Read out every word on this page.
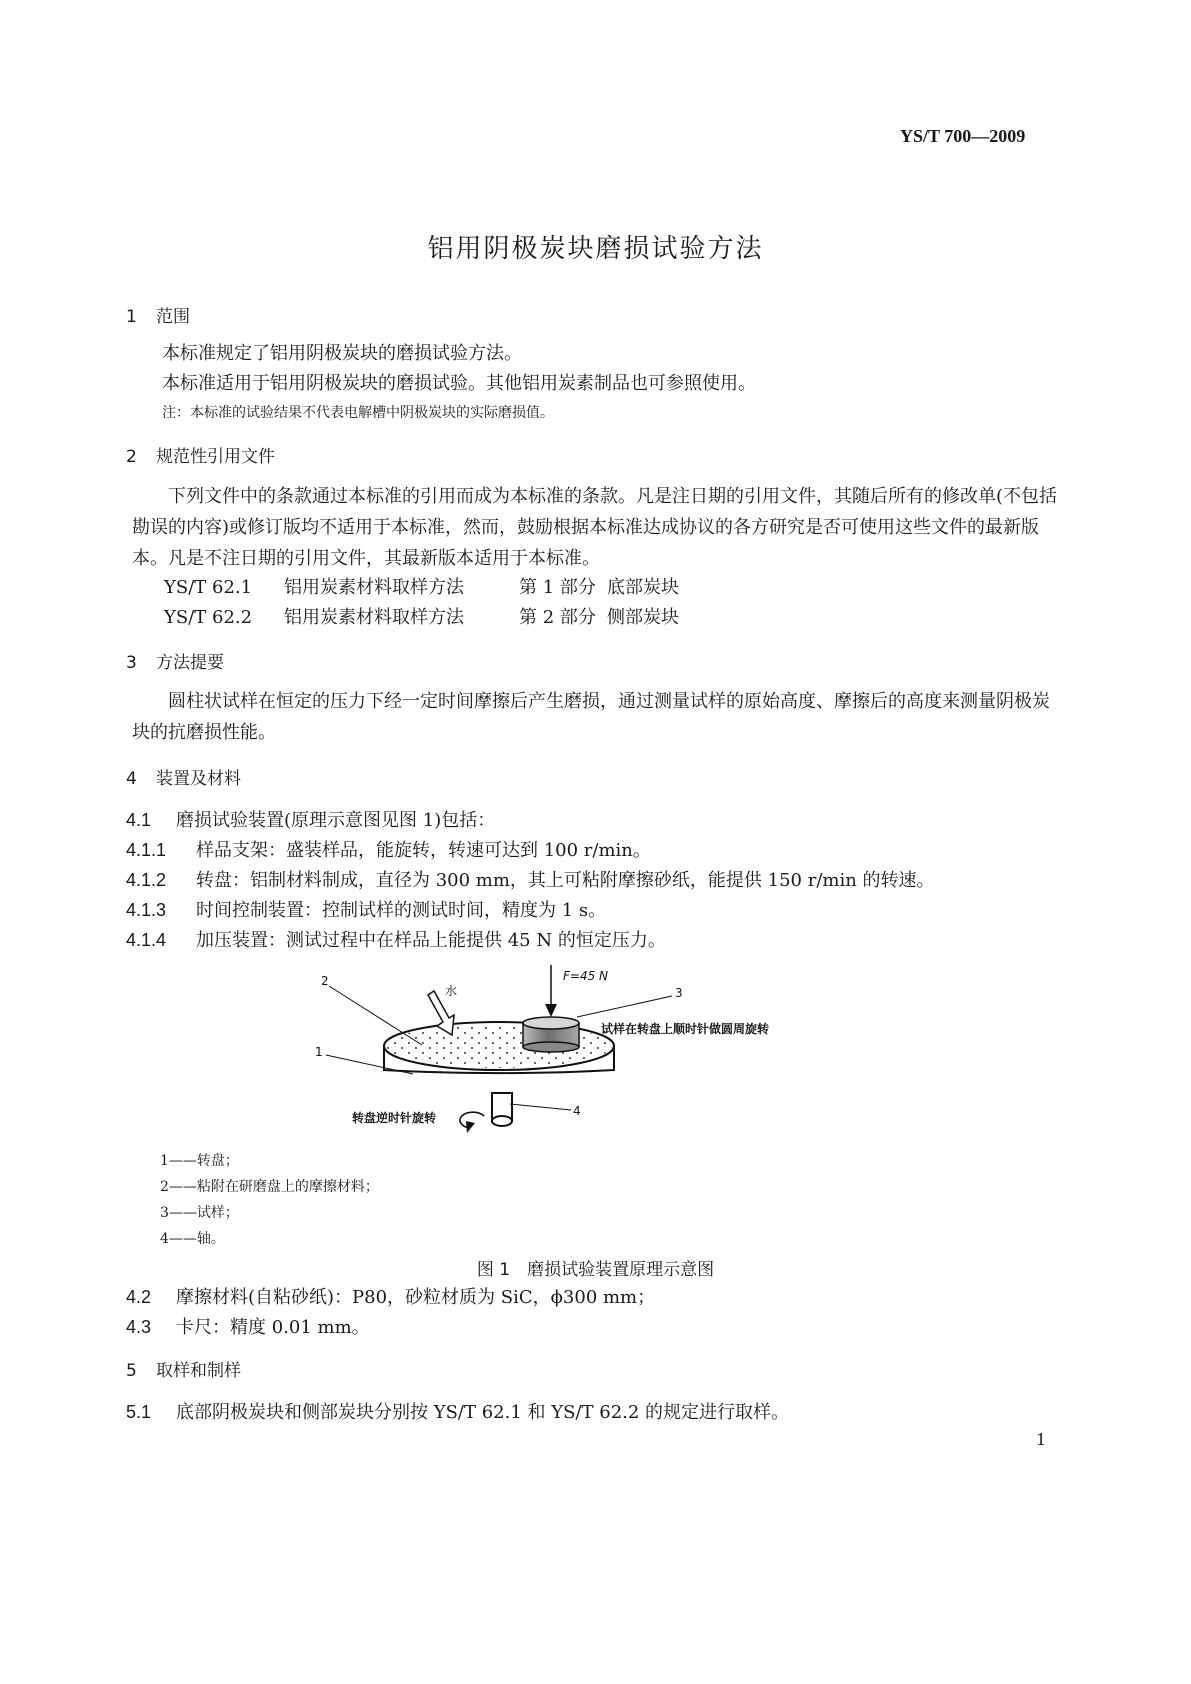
YS/T 700—2009
铝用阴极炭块磨损试验方法
1 范围
本标准规定了铝用阴极炭块的磨损试验方法。
本标准适用于铝用阴极炭块的磨损试验。其他铝用炭素制品也可参照使用。
注：本标准的试验结果不代表电解槽中阴极炭块的实际磨损值。
2 规范性引用文件
下列文件中的条款通过本标准的引用而成为本标准的条款。凡是注日期的引用文件，其随后所有的修改单(不包括勘误的内容)或修订版均不适用于本标准，然而，鼓励根据本标准达成协议的各方研究是否可使用这些文件的最新版本。凡是不注日期的引用文件，其最新版本适用于本标准。
YS/T 62.1 铝用炭素材料取样方法	第 1 部分 底部炭块
YS/T 62.2 铝用炭素材料取样方法	第 2 部分 侧部炭块
3 方法提要
圆柱状试样在恒定的压力下经一定时间摩擦后产生磨损，通过测量试样的原始高度、摩擦后的高度来测量阴极炭块的抗磨损性能。
4 装置及材料
4.1 磨损试验装置(原理示意图见图 1)包括：
4.1.1 样品支架：盛装样品，能旋转，转速可达到 100 r/min。
4.1.2 转盘：铝制材料制成，直径为 300 mm，其上可粘附摩擦砂纸，能提供 150 r/min 的转速。
4.1.3 时间控制装置：控制试样的测试时间，精度为 1 s。
4.1.4 加压装置：测试过程中在样品上能提供 45 N 的恒定压力。
F=45 N
水
试样在转盘上顺时针做圆周旋转
转盘逆时针旋转
2
1
3
4
1——转盘；
2——粘附在研磨盘上的摩擦材料；
3——试样；
4——轴。
图 1　磨损试验装置原理示意图
4.2 摩擦材料(自粘砂纸)：P80，砂粒材质为 SiC，ϕ300 mm；
4.3 卡尺：精度 0.01 mm。
5 取样和制样
5.1 底部阴极炭块和侧部炭块分别按 YS/T 62.1 和 YS/T 62.2 的规定进行取样。
1
